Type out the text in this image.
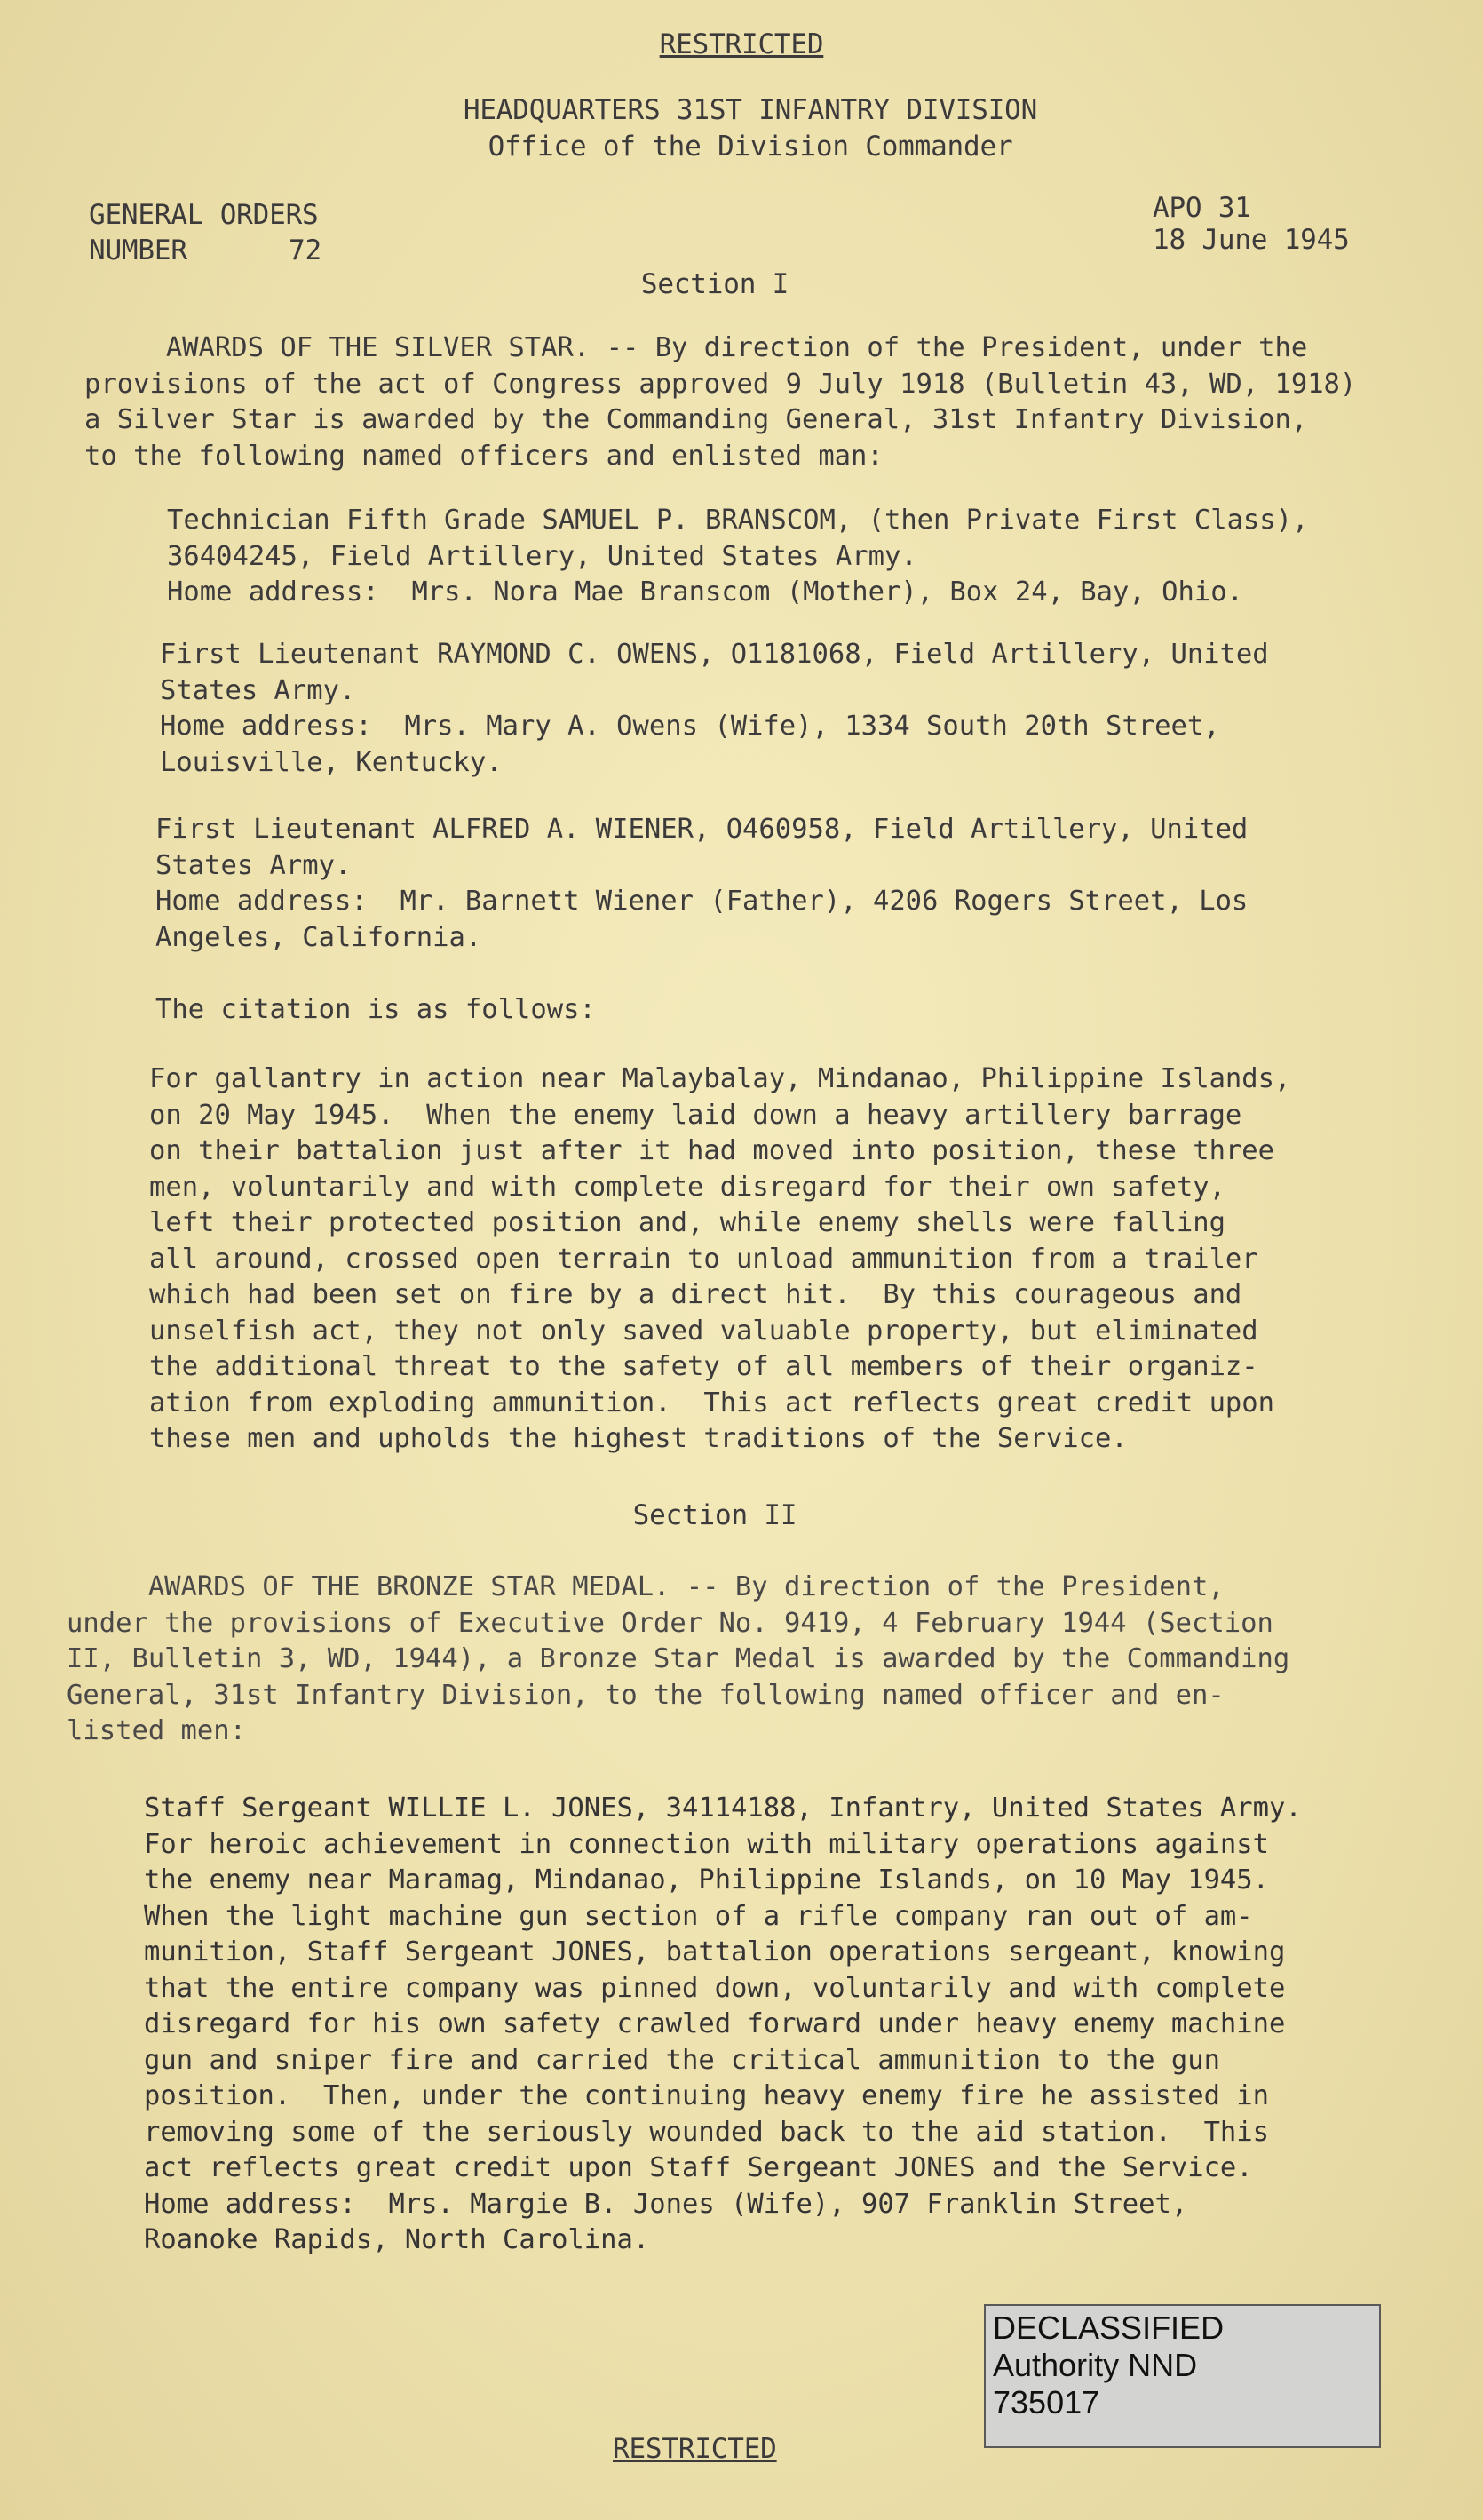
RESTRICTED
HEADQUARTERS 31ST INFANTRY DIVISION
Office of the Division Commander
GENERAL ORDERS
NUMBER	72
APO 31
18 June 1945
Section I
AWARDS OF THE SILVER STAR. -- By direction of the President, under the
provisions of the act of Congress approved 9 July 1918 (Bulletin 43, WD, 1918)
a Silver Star is awarded by the Commanding General, 31st Infantry Division,
to the following named officers and enlisted man:
Technician Fifth Grade SAMUEL P. BRANSCOM, (then Private First Class),
36404245, Field Artillery, United States Army.
Home address:  Mrs. Nora Mae Branscom (Mother), Box 24, Bay, Ohio.
First Lieutenant RAYMOND C. OWENS, O1181068, Field Artillery, United
States Army.
Home address:  Mrs. Mary A. Owens (Wife), 1334 South 20th Street,
Louisville, Kentucky.
First Lieutenant ALFRED A. WIENER, O460958, Field Artillery, United
States Army.
Home address:  Mr. Barnett Wiener (Father), 4206 Rogers Street, Los
Angeles, California.
The citation is as follows:
For gallantry in action near Malaybalay, Mindanao, Philippine Islands,
on 20 May 1945.  When the enemy laid down a heavy artillery barrage
on their battalion just after it had moved into position, these three
men, voluntarily and with complete disregard for their own safety,
left their protected position and, while enemy shells were falling
all around, crossed open terrain to unload ammunition from a trailer
which had been set on fire by a direct hit.  By this courageous and
unselfish act, they not only saved valuable property, but eliminated
the additional threat to the safety of all members of their organiz-
ation from exploding ammunition.  This act reflects great credit upon
these men and upholds the highest traditions of the Service.
Section II
AWARDS OF THE BRONZE STAR MEDAL. -- By direction of the President,
under the provisions of Executive Order No. 9419, 4 February 1944 (Section
II, Bulletin 3, WD, 1944), a Bronze Star Medal is awarded by the Commanding
General, 31st Infantry Division, to the following named officer and en-
listed men:
Staff Sergeant WILLIE L. JONES, 34114188, Infantry, United States Army.
For heroic achievement in connection with military operations against
the enemy near Maramag, Mindanao, Philippine Islands, on 10 May 1945.
When the light machine gun section of a rifle company ran out of am-
munition, Staff Sergeant JONES, battalion operations sergeant, knowing
that the entire company was pinned down, voluntarily and with complete
disregard for his own safety crawled forward under heavy enemy machine
gun and sniper fire and carried the critical ammunition to the gun
position.  Then, under the continuing heavy enemy fire he assisted in
removing some of the seriously wounded back to the aid station.  This
act reflects great credit upon Staff Sergeant JONES and the Service.
Home address:  Mrs. Margie B. Jones (Wife), 907 Franklin Street,
Roanoke Rapids, North Carolina.
RESTRICTED
DECLASSIFIED
Authority NND
735017
